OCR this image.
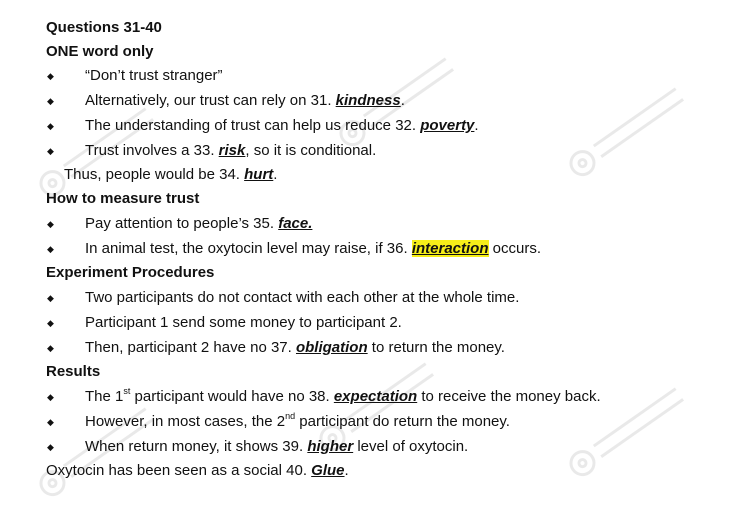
Questions 31-40
ONE word only
◆ “Don’t trust stranger”
◆ Alternatively, our trust can rely on 31. kindness.
◆ The understanding of trust can help us reduce 32. poverty.
◆ Trust involves a 33. risk, so it is conditional.
Thus, people would be 34. hurt.
How to measure trust
◆ Pay attention to people’s 35. face.
◆ In animal test, the oxytocin level may raise, if 36. interaction occurs.
Experiment Procedures
◆ Two participants do not contact with each other at the whole time.
◆ Participant 1 send some money to participant 2.
◆ Then, participant 2 have no 37. obligation to return the money.
Results
◆ The 1st participant would have no 38. expectation to receive the money back.
◆ However, in most cases, the 2nd participant do return the money.
◆ When return money, it shows 39. higher level of oxytocin.
Oxytocin has been seen as a social 40. Glue.
